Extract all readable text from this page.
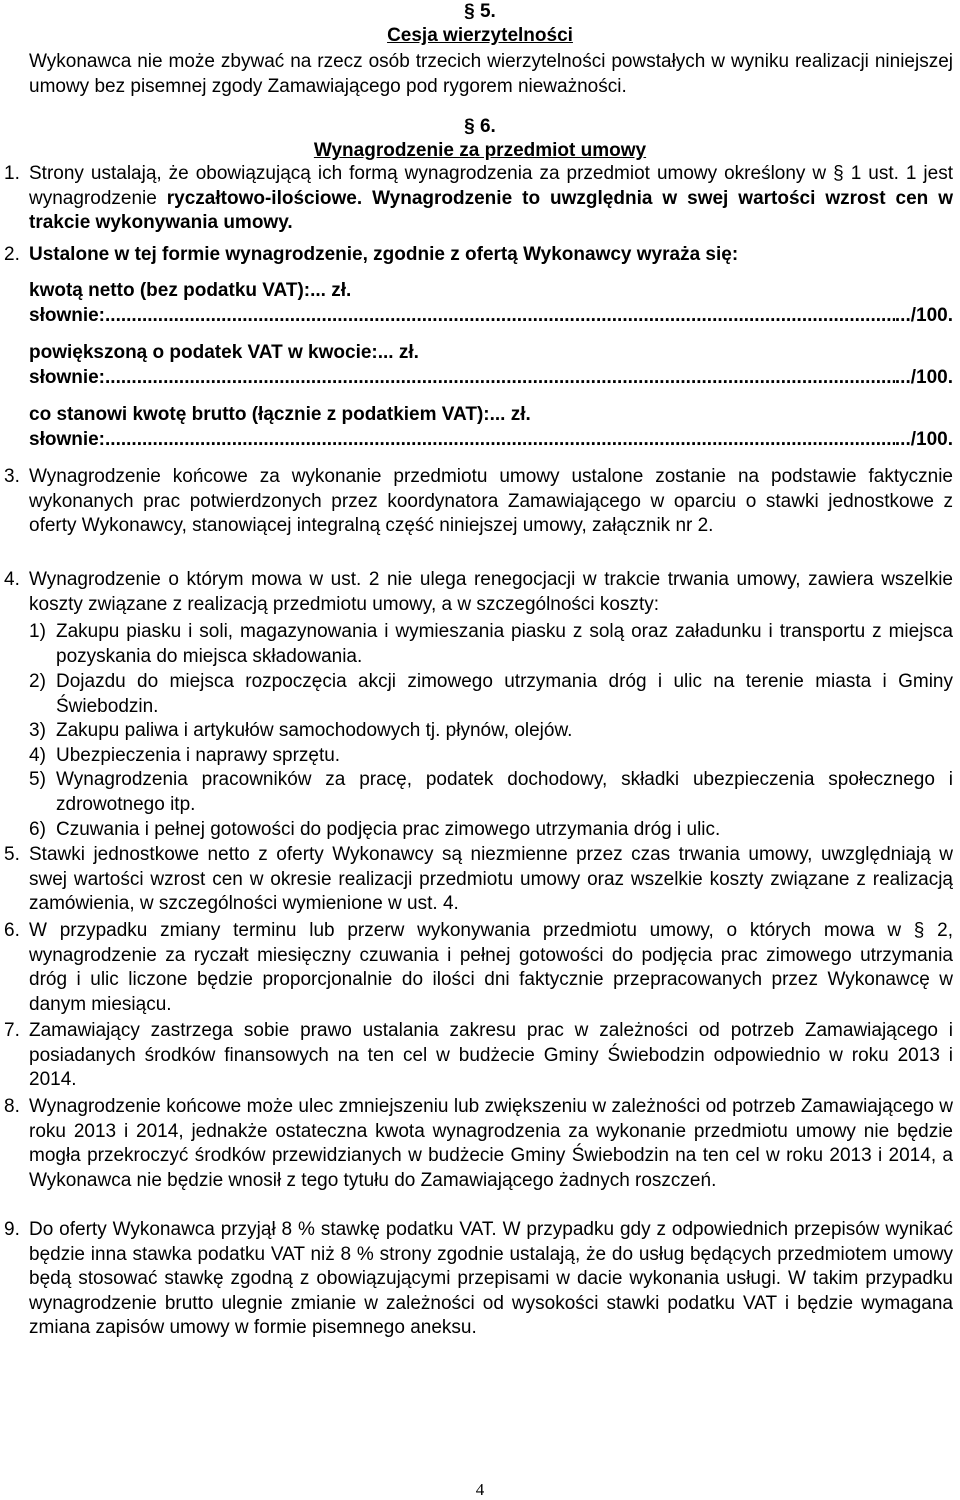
§ 5.
Cesja wierzytelności
Wykonawca nie może zbywać na rzecz osób trzecich wierzytelności powstałych w wyniku realizacji niniejszej umowy bez pisemnej zgody Zamawiającego pod rygorem nieważności.
§ 6.
Wynagrodzenie za przedmiot umowy
1. Strony ustalają, że obowiązującą ich formą wynagrodzenia za przedmiot umowy określony w § 1 ust. 1 jest wynagrodzenie ryczałtowo-ilościowe. Wynagrodzenie to uwzględnia w swej wartości wzrost cen w trakcie wykonywania umowy.
2. Ustalone w tej formie wynagrodzenie, zgodnie z ofertą Wykonawcy wyraża się:
kwotą netto (bez podatku VAT):... zł.
słownie: .....	.../100.
powiększoną o podatek VAT w kwocie:... zł.
słownie: .....	.../100.
co stanowi kwotę brutto (łącznie z podatkiem VAT):... zł.
słownie: .....	.../100.
3. Wynagrodzenie końcowe za wykonanie przedmiotu umowy ustalone zostanie na podstawie faktycznie wykonanych prac potwierdzonych przez koordynatora Zamawiającego w oparciu o stawki jednostkowe z oferty Wykonawcy, stanowiącej integralną część niniejszej umowy, załącznik nr 2.
4. Wynagrodzenie o którym mowa w ust. 2 nie ulega renegocjacji w trakcie trwania umowy, zawiera wszelkie koszty związane z realizacją przedmiotu umowy, a w szczególności koszty:
1) Zakupu piasku i soli, magazynowania i wymieszania piasku z solą oraz załadunku i transportu z miejsca pozyskania do miejsca składowania.
2) Dojazdu do miejsca rozpoczęcia akcji zimowego utrzymania dróg i ulic na terenie miasta i Gminy Świebodzin.
3) Zakupu paliwa i artykułów samochodowych tj. płynów, olejów.
4) Ubezpieczenia i naprawy sprzętu.
5) Wynagrodzenia pracowników za pracę, podatek dochodowy, składki ubezpieczenia społecznego i zdrowotnego itp.
6) Czuwania i pełnej gotowości do podjęcia prac zimowego utrzymania dróg i ulic.
5. Stawki jednostkowe netto z oferty Wykonawcy są niezmienne przez czas trwania umowy, uwzględniają w swej wartości wzrost cen w okresie realizacji przedmiotu umowy oraz wszelkie koszty związane z realizacją zamówienia, w szczególności wymienione w ust. 4.
6. W przypadku zmiany terminu lub przerw wykonywania przedmiotu umowy, o których mowa w § 2, wynagrodzenie za ryczałt miesięczny czuwania i pełnej gotowości do podjęcia prac zimowego utrzymania dróg i ulic liczone będzie proporcjonalnie do ilości dni faktycznie przepracowanych przez Wykonawcę w danym miesiącu.
7. Zamawiający zastrzega sobie prawo ustalania zakresu prac w zależności od potrzeb Zamawiającego i posiadanych środków finansowych na ten cel w budżecie Gminy Świebodzin odpowiednio w roku 2013 i 2014.
8. Wynagrodzenie końcowe może ulec zmniejszeniu lub zwiększeniu w zależności od potrzeb Zamawiającego w roku 2013 i 2014, jednakże ostateczna kwota wynagrodzenia za wykonanie przedmiotu umowy nie będzie mogła przekroczyć środków przewidzianych w budżecie Gminy Świebodzin na ten cel w roku 2013 i 2014, a Wykonawca nie będzie wnosił z tego tytułu do Zamawiającego żadnych roszczeń.
9. Do oferty Wykonawca przyjął 8 % stawkę podatku VAT. W przypadku gdy z odpowiednich przepisów wynikać będzie inna stawka podatku VAT niż 8 % strony zgodnie ustalają, że do usług będących przedmiotem umowy będą stosować stawkę zgodną z obowiązującymi przepisami w dacie wykonania usługi. W takim przypadku wynagrodzenie brutto ulegnie zmianie w zależności od wysokości stawki podatku VAT i będzie wymagana zmiana zapisów umowy w formie pisemnego aneksu.
4
